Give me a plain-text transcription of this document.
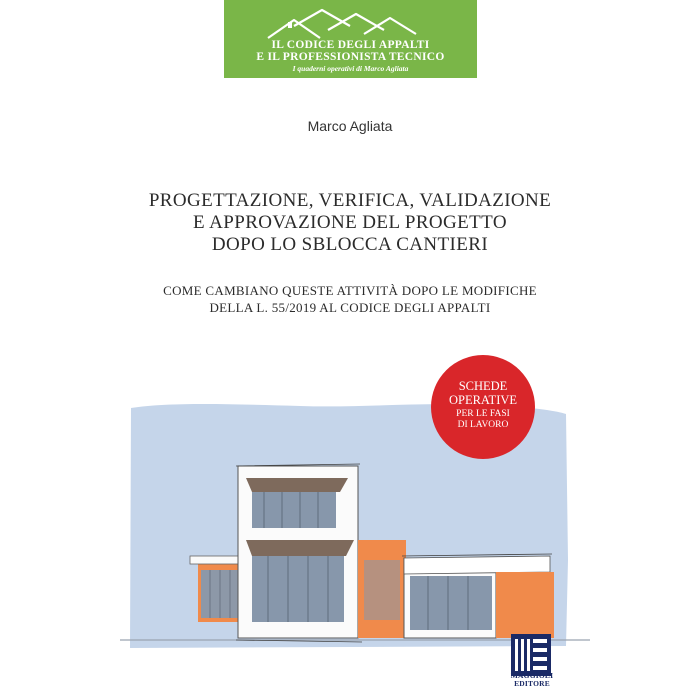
IL CODICE DEGLI APPALTI
E IL PROFESSIONISTA TECNICO
I quaderni operativi di Marco Agliata
Marco Agliata
PROGETTAZIONE, VERIFICA, VALIDAZIONE
E APPROVAZIONE DEL PROGETTO
DOPO LO SBLOCCA CANTIERI
COME CAMBIANO QUESTE ATTIVITÀ DOPO LE MODIFICHE
DELLA L. 55/2019 AL CODICE DEGLI APPALTI
SCHEDE
OPERATIVE
PER LE FASI
DI LAVORO
MAGGIOLI
EDITORE
